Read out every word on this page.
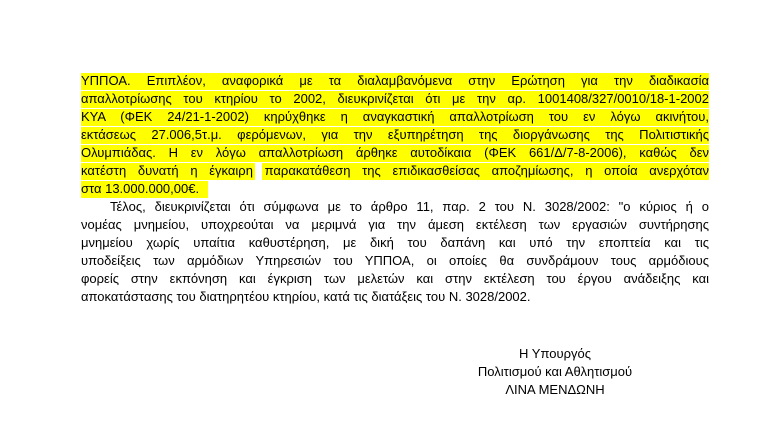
ΥΠΠΟΑ. Επιπλέον, αναφορικά με τα διαλαμβανόμενα στην Ερώτηση για την διαδικασία
απαλλοτρίωσης του κτηρίου το 2002, διευκρινίζεται ότι με την αρ. 1001408/327/0010/18-1-2002
ΚΥΑ (ΦΕΚ 24/21-1-2002) κηρύχθηκε η αναγκαστική απαλλοτρίωση του εν λόγω ακινήτου,
εκτάσεως 27.006,5τ.μ. φερόμενων, για την εξυπηρέτηση της διοργάνωσης της Πολιτιστικής
Ολυμπιάδας. Η εν λόγω απαλλοτρίωση άρθηκε αυτοδίκαια (ΦΕΚ 661/Δ/7-8-2006), καθώς δεν
κατέστη δυνατή η έγκαιρη παρακατάθεση της επιδικασθείσας αποζημίωσης, η οποία ανερχόταν
στα 13.000.000,00€.
Τέλος, διευκρινίζεται ότι σύμφωνα με το άρθρο 11, παρ. 2 του Ν. 3028/2002: "ο κύριος ή ο
νομέας μνημείου, υποχρεούται να μεριμνά για την άμεση εκτέλεση των εργασιών συντήρησης
μνημείου χωρίς υπαίτια καθυστέρηση, με δική του δαπάνη και υπό την εποπτεία και τις
υποδείξεις των αρμόδιων Υπηρεσιών του ΥΠΠΟΑ, οι οποίες θα συνδράμουν τους αρμόδιους
φορείς στην εκπόνηση και έγκριση των μελετών και στην εκτέλεση του έργου ανάδειξης και
αποκατάστασης του διατηρητέου κτηρίου, κατά τις διατάξεις του Ν. 3028/2002.
Η Υπουργός
Πολιτισμού και Αθλητισμού
ΛΙΝΑ ΜΕΝΔΩΝΗ
